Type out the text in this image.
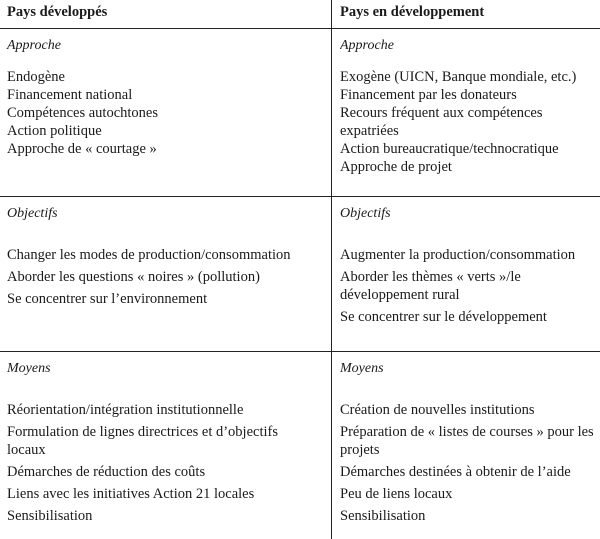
Pays développés	Pays en développement
Approche
Endogène
Financement national
Compétences autochtones
Action politique
Approche de « courtage »
Approche
Exogène (UICN, Banque mondiale, etc.)
Financement par les donateurs
Recours fréquent aux compétences expatriées
Action bureaucratique/technocratique
Approche de projet
Objectifs
Changer les modes de production/consommation
Aborder les questions « noires » (pollution)
Se concentrer sur l’environnement
Objectifs
Augmenter la production/consommation
Aborder les thèmes « verts »/le développement rural
Se concentrer sur le développement
Moyens
Réorientation/intégration institutionnelle
Formulation de lignes directrices et d’objectifs locaux
Démarches de réduction des coûts
Liens avec les initiatives Action 21 locales
Sensibilisation
Moyens
Création de nouvelles institutions
Préparation de « listes de courses » pour les projets
Démarches destinées à obtenir de l’aide
Peu de liens locaux
Sensibilisation
